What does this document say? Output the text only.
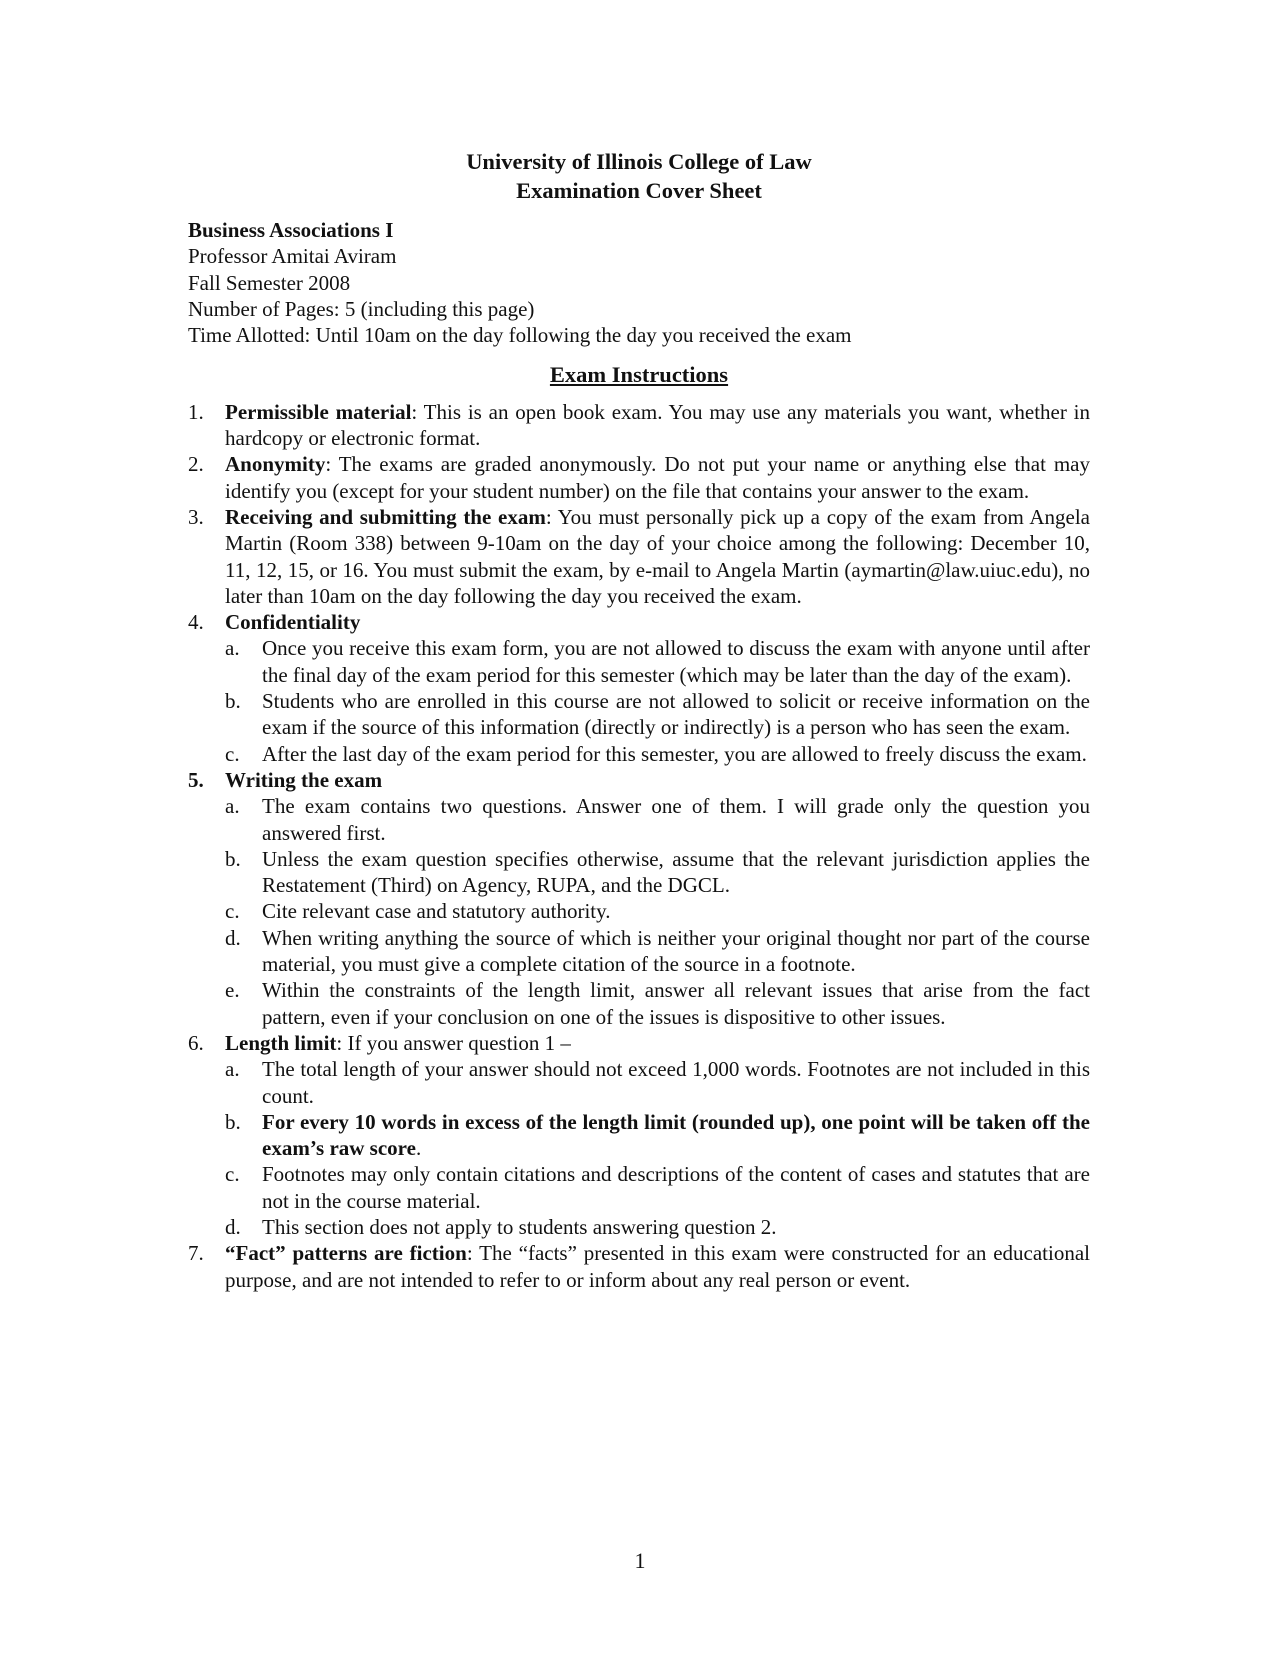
University of Illinois College of Law
Examination Cover Sheet
Business Associations I
Professor Amitai Aviram
Fall Semester 2008
Number of Pages: 5 (including this page)
Time Allotted: Until 10am on the day following the day you received the exam
Exam Instructions
1. Permissible material: This is an open book exam. You may use any materials you want, whether in hardcopy or electronic format.
2. Anonymity: The exams are graded anonymously. Do not put your name or anything else that may identify you (except for your student number) on the file that contains your answer to the exam.
3. Receiving and submitting the exam: You must personally pick up a copy of the exam from Angela Martin (Room 338) between 9-10am on the day of your choice among the following: December 10, 11, 12, 15, or 16. You must submit the exam, by e-mail to Angela Martin (aymartin@law.uiuc.edu), no later than 10am on the day following the day you received the exam.
4. Confidentiality
a. Once you receive this exam form, you are not allowed to discuss the exam with anyone until after the final day of the exam period for this semester (which may be later than the day of the exam).
b. Students who are enrolled in this course are not allowed to solicit or receive information on the exam if the source of this information (directly or indirectly) is a person who has seen the exam.
c. After the last day of the exam period for this semester, you are allowed to freely discuss the exam.
5. Writing the exam
a. The exam contains two questions. Answer one of them. I will grade only the question you answered first.
b. Unless the exam question specifies otherwise, assume that the relevant jurisdiction applies the Restatement (Third) on Agency, RUPA, and the DGCL.
c. Cite relevant case and statutory authority.
d. When writing anything the source of which is neither your original thought nor part of the course material, you must give a complete citation of the source in a footnote.
e. Within the constraints of the length limit, answer all relevant issues that arise from the fact pattern, even if your conclusion on one of the issues is dispositive to other issues.
6. Length limit: If you answer question 1 –
a. The total length of your answer should not exceed 1,000 words. Footnotes are not included in this count.
b. For every 10 words in excess of the length limit (rounded up), one point will be taken off the exam’s raw score.
c. Footnotes may only contain citations and descriptions of the content of cases and statutes that are not in the course material.
d. This section does not apply to students answering question 2.
7. “Fact” patterns are fiction: The “facts” presented in this exam were constructed for an educational purpose, and are not intended to refer to or inform about any real person or event.
1
